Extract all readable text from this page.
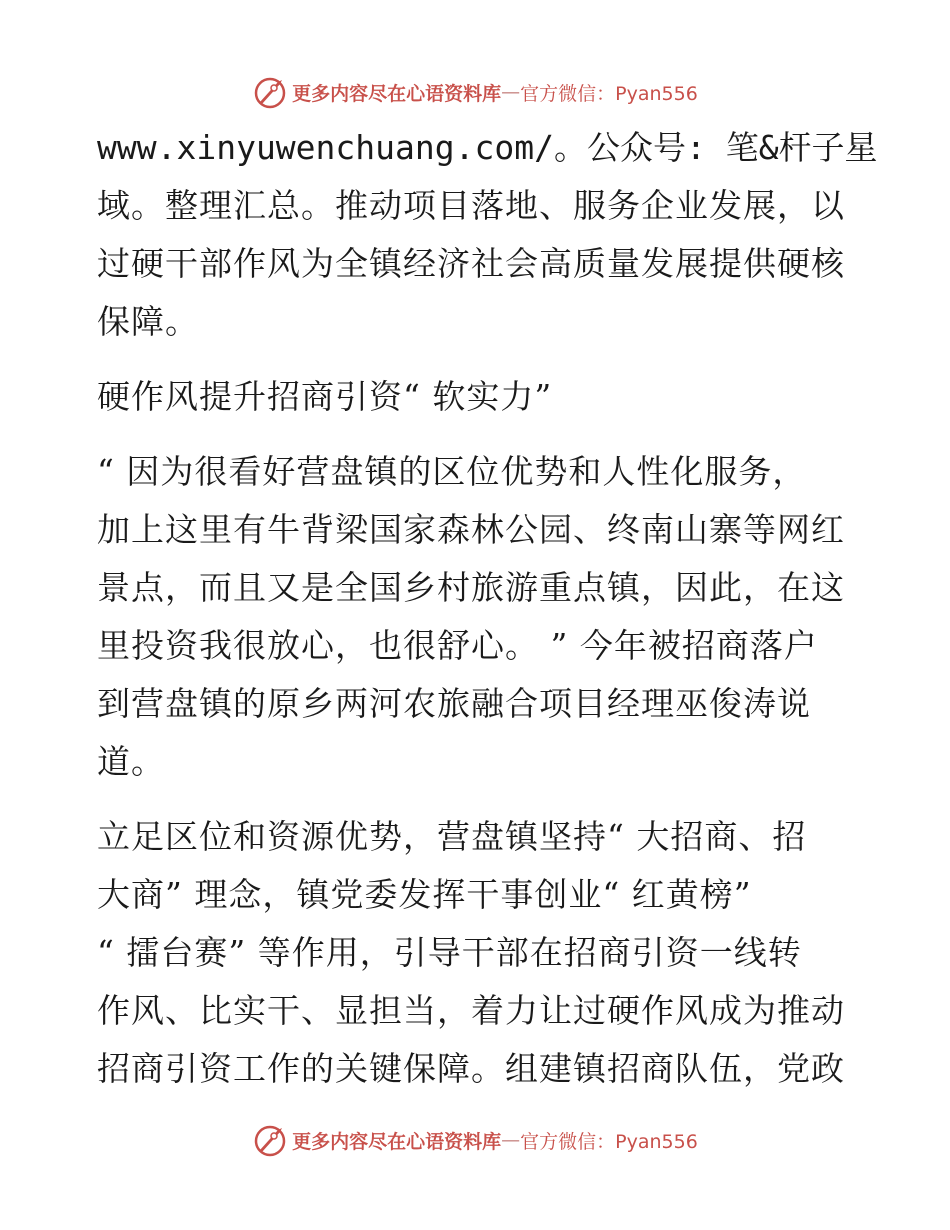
更多内容尽在心语资料库 — 官方微信：Pyan556

www.xinyuwenchuang.com/。公众号: 笔&杆子星

域。整理汇总。推动项目落地、服务企业发展，以

过硬干部作风为全镇经济社会高质量发展提供硬核

保障。

硬作风提升招商引资“ 软实力”

“ 因为很看好营盘镇的区位优势和人性化服务，

加上这里有牛背梁国家森林公园、终南山寨等网红

景点，而且又是全国乡村旅游重点镇，因此，在这

里投资我很放心，也很舒心。 ” 今年被招商落户

到营盘镇的原乡两河农旅融合项目经理巫俊涛说

道。

立足区位和资源优势，营盘镇坚持“ 大招商、招

大商” 理念，镇党委发挥干事创业“ 红黄榜”

“ 擂台赛” 等作用，引导干部在招商引资一线转

作风、比实干、显担当，着力让过硬作风成为推动

招商引资工作的关键保障。组建镇招商队伍，党政

更多内容尽在心语资料库 — 官方微信：Pyan556
